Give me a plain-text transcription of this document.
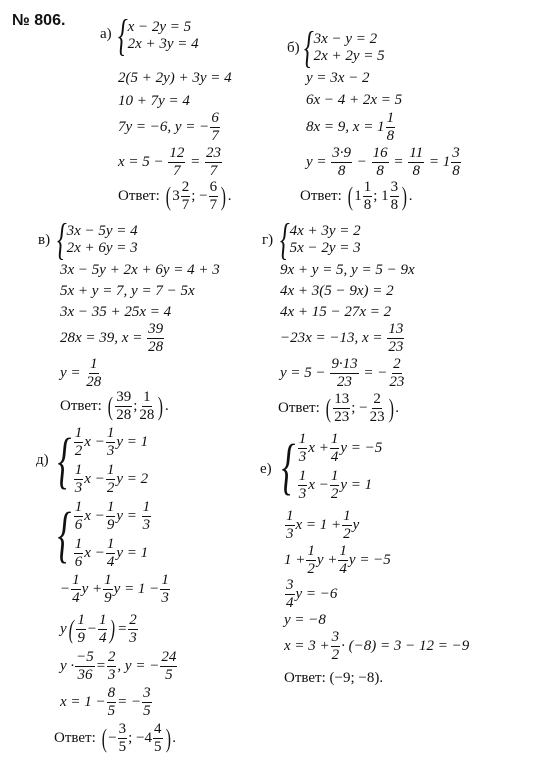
№ 806.
а) { x − 2y = 5
2x + 3y = 4
2(5 + 2y) + 3y = 4
10 + 7y = 4
7y = −6, y = − $\frac{6}{7}$
$x = 5 - \frac{12}{7} = \frac{23}{7}$
Ответ: ( $3 \frac{2}{7}$ ; − $\frac{6}{7}$ ) .
б) { 3x − y = 2
2x + 2y = 5
y = 3x − 2
6x − 4 + 2x = 5
8x = 9, $x = 1 \frac{1}{8}$
$y = \frac{3\cdot 9}{8} - \frac{16}{8} = \frac{11}{8} = 1 \frac{3}{8}$
Ответ: ( $1 \frac{1}{8}$ ; $1 \frac{3}{8}$ ) .
в) { 3x − 5y = 4
2x + 6y = 3
3x − 5y + 2x + 6y = 4 + 3
5x + y = 7, y = 7 − 5x
3x − 35 + 25x = 4
28x = 39, $x = \frac{39}{28}$
$y = \frac{1}{28}$
Ответ: ( $\frac{39}{28}$ ; $\frac{1}{28}$ ) .
г) { 4x + 3y = 2
5x − 2y = 3
9x + y = 5, y = 5 − 9x
4x + 3(5 − 9x) = 2
4x + 15 − 27x = 2
−23x = −13, $x = \frac{13}{23}$
$y = 5 - \frac{9\cdot 13}{23}$ = − $\frac{2}{23}$
Ответ: ( $\frac{13}{23}$ ; − $\frac{2}{23}$ ) .
д) { $\frac{1}{2}$ $x - \frac{1}{3}$ y = 1
$\frac{1}{3}$ $x - \frac{1}{2}$ y = 2
{ $\frac{1}{6}$ $x - \frac{1}{9}$ $y = \frac{1}{3}$
$\frac{1}{6}$ $x - \frac{1}{4}$ y = 1
− $\frac{1}{4}$ $y + \frac{1}{9}$ $y = 1 - \frac{1}{3}$
$y( \frac{1}{9} - \frac{1}{4}$ ) = $\frac{2}{3}$
$y \cdot \frac{-5}{36} = \frac{2}{3}$ , y = − $\frac{24}{5}$
$x = 1 - \frac{8}{5}$ = − $\frac{3}{5}$
Ответ: ( − $\frac{3}{5}$ ; $-4 \frac{4}{5}$ ) .
е) { $\frac{1}{3}$ $x + \frac{1}{4}$ y = −5
$\frac{1}{3}$ $x - \frac{1}{2}$ y = 1
$\frac{1}{3}$ $x = 1 + \frac{1}{2}$ y
$1 + \frac{1}{2}$ $y + \frac{1}{4}$ y = −5
$\frac{3}{4}$ y = −6
y = −8
$x = 3 + \frac{3}{2} \cdot (-8) = 3 - 12 = -9$
Ответ: (−9; −8).
